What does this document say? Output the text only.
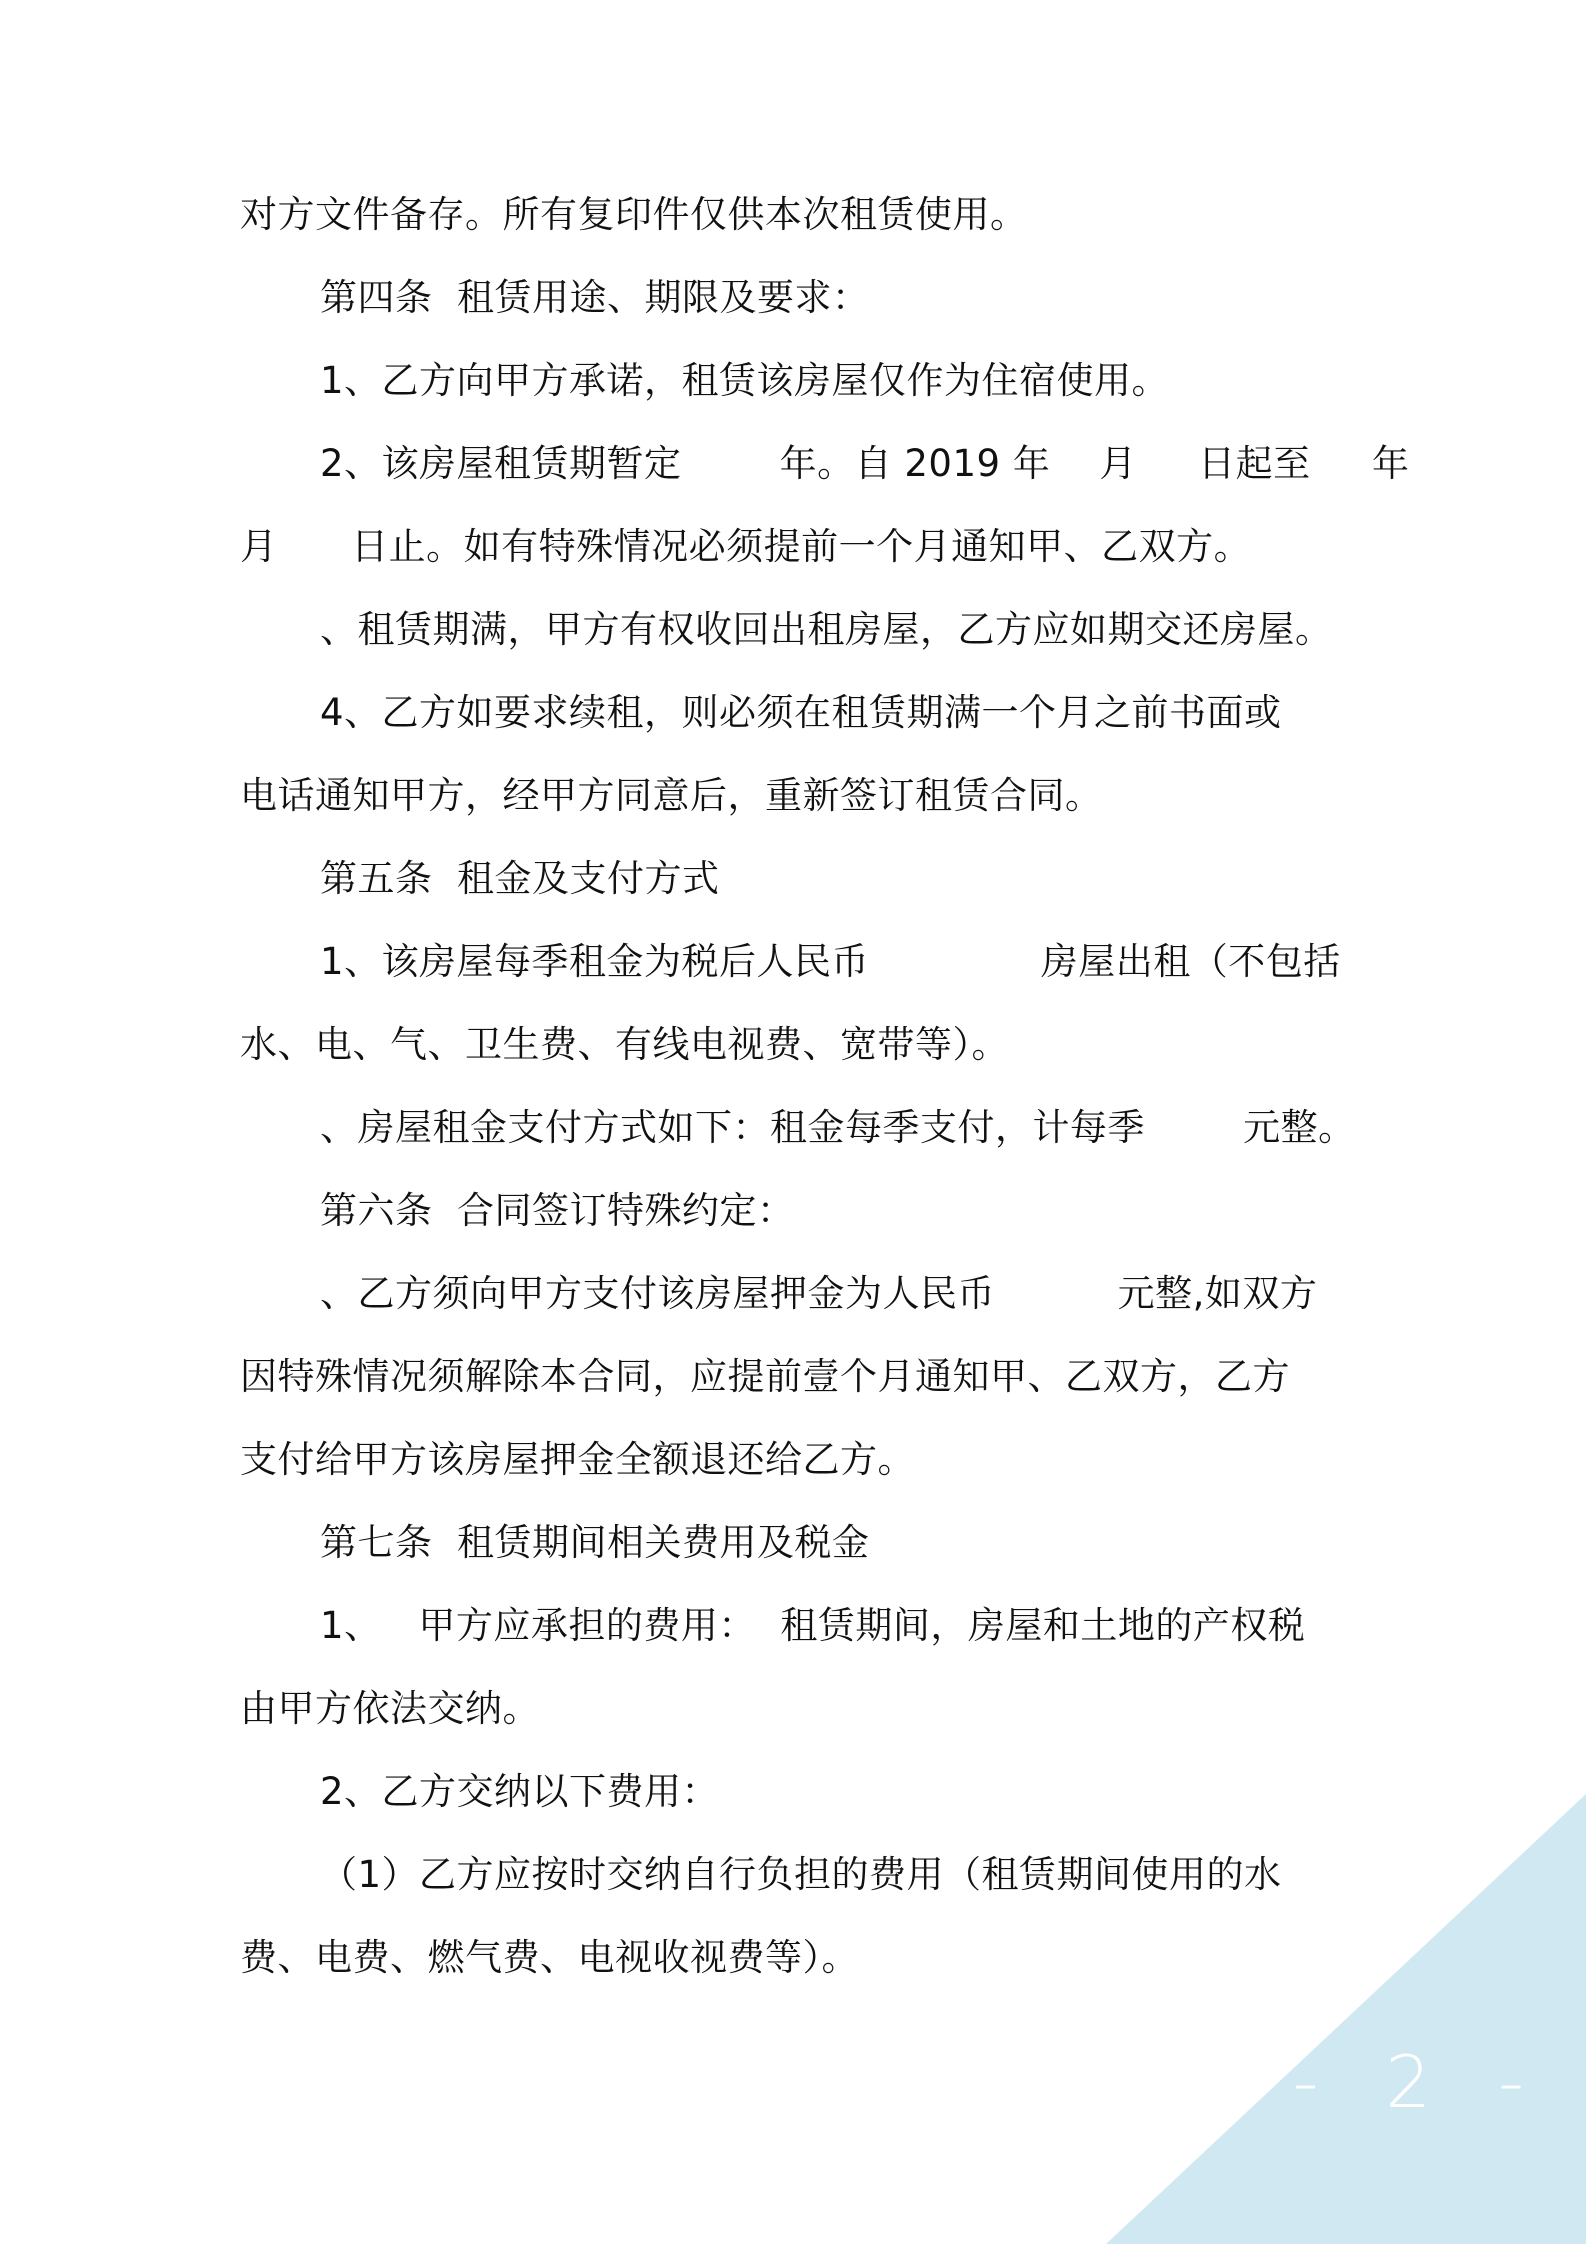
对方文件备存。所有复印件仅供本次租赁使用。
第四条  租赁用途、期限及要求：
1、乙方向甲方承诺，租赁该房屋仅作为住宿使用。
2、该房屋租赁期暂定        年。自 2019 年    月     日起至     年
月      日止。如有特殊情况必须提前一个月通知甲、乙双方。
、租赁期满，甲方有权收回出租房屋，乙方应如期交还房屋。
4、乙方如要求续租，则必须在租赁期满一个月之前书面或
电话通知甲方，经甲方同意后，重新签订租赁合同。
第五条  租金及支付方式
1、该房屋每季租金为税后人民币              房屋出租（不包括
水、电、气、卫生费、有线电视费、宽带等）。
、房屋租金支付方式如下：租金每季支付，计每季        元整。
第六条  合同签订特殊约定：
、乙方须向甲方支付该房屋押金为人民币          元整,如双方
因特殊情况须解除本合同，应提前壹个月通知甲、乙双方，乙方
支付给甲方该房屋押金全额退还给乙方。
第七条  租赁期间相关费用及税金
1、   甲方应承担的费用：  租赁期间，房屋和土地的产权税
由甲方依法交纳。
2、乙方交纳以下费用：
（1）乙方应按时交纳自行负担的费用（租赁期间使用的水
费、电费、燃气费、电视收视费等）。
- 2 -
